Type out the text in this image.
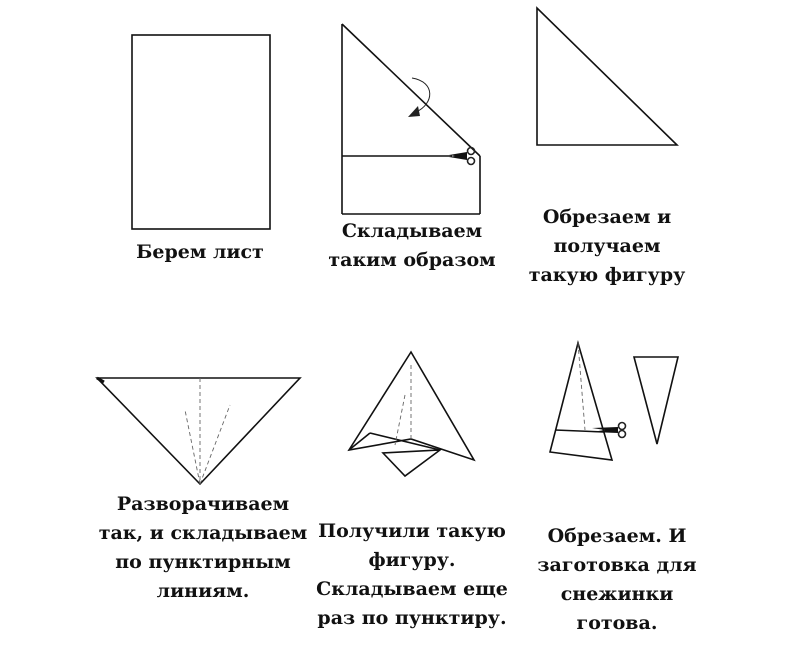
Берем лист
Складываем
таким образом
Обрезаем и
получаем
такую фигуру
Разворачиваем
так, и складываем
по пунктирным
линиям.
Получили такую
фигуру.
Складываем еще
раз по пунктиру.
Обрезаем. И
заготовка для
снежинки
готова.
